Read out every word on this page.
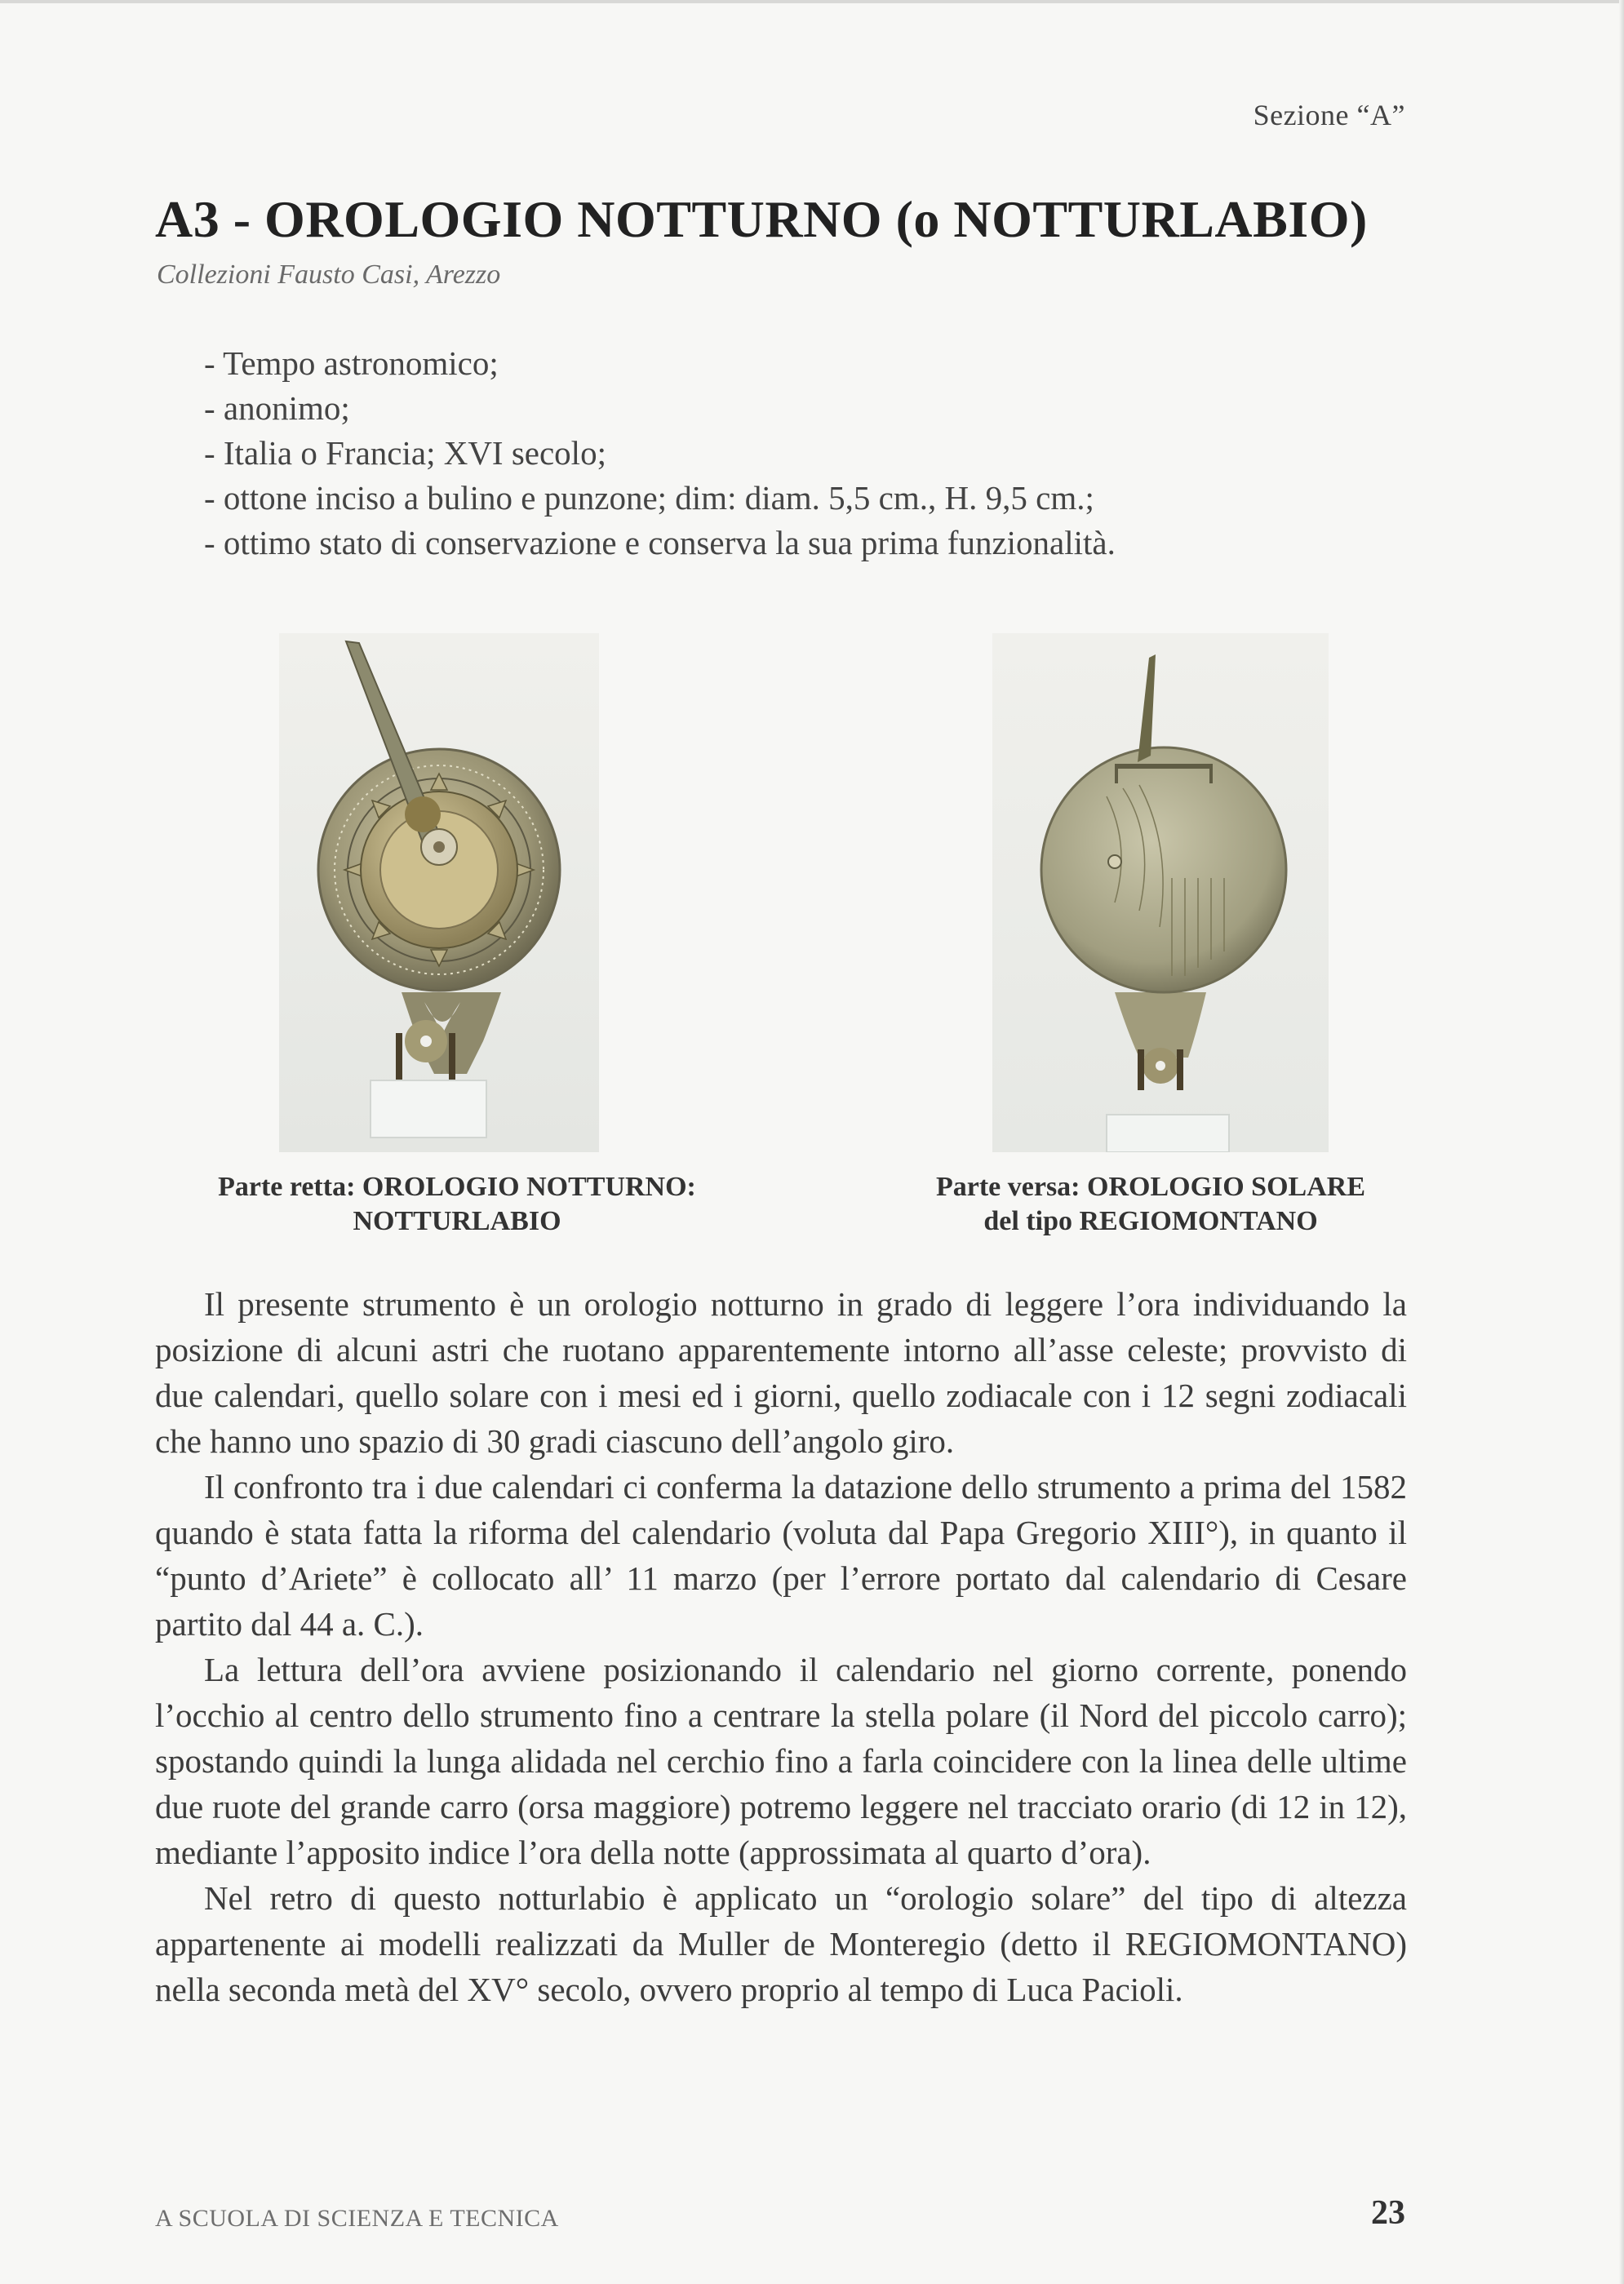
Sezione “A”
A3 - OROLOGIO NOTTURNO (o NOTTURLABIO)
Collezioni Fausto Casi, Arezzo
- Tempo astronomico;
- anonimo;
- Italia o Francia; XVI secolo;
- ottone inciso a bulino e punzone; dim: diam. 5,5 cm., H. 9,5 cm.;
- ottimo stato di conservazione e conserva la sua prima funzionalità.
Parte retta: OROLOGIO NOTTURNO:
NOTTURLABIO
Parte versa: OROLOGIO SOLARE
del tipo REGIOMONTANO

Il presente strumento è un orologio notturno in grado di leggere l’ora individuando la posizione di alcuni astri che ruotano apparentemente intorno all’asse celeste; provvisto di due calendari, quello solare con i mesi ed i giorni, quello zodiacale con i 12 segni zodiacali che hanno uno spazio di 30 gradi ciascuno dell’angolo giro.

Il confronto tra i due calendari ci conferma la datazione dello strumento a prima del 1582 quando è stata fatta la riforma del calendario (voluta dal Papa Gregorio XIII°), in quanto il “punto d’Ariete” è collocato all’ 11 marzo (per l’errore portato dal calendario di Cesare partito dal 44 a. C.).

La lettura dell’ora avviene posizionando il calendario nel giorno corrente, ponendo l’occhio al centro dello strumento fino a centrare la stella polare (il Nord del piccolo carro); spostando quindi la lunga alidada nel cerchio fino a farla coincidere con la linea delle ultime due ruote del grande carro (orsa maggiore) potremo leggere nel tracciato orario (di 12 in 12), mediante l’apposito indice l’ora della notte (approssimata al quarto d’ora).

Nel retro di questo notturlabio è applicato un “orologio solare” del tipo di altezza appartenente ai modelli realizzati da Muller de Monteregio (detto il REGIOMONTANO) nella seconda metà del XV° secolo, ovvero proprio al tempo di Luca Pacioli.

A SCUOLA DI SCIENZA E TECNICA	23
